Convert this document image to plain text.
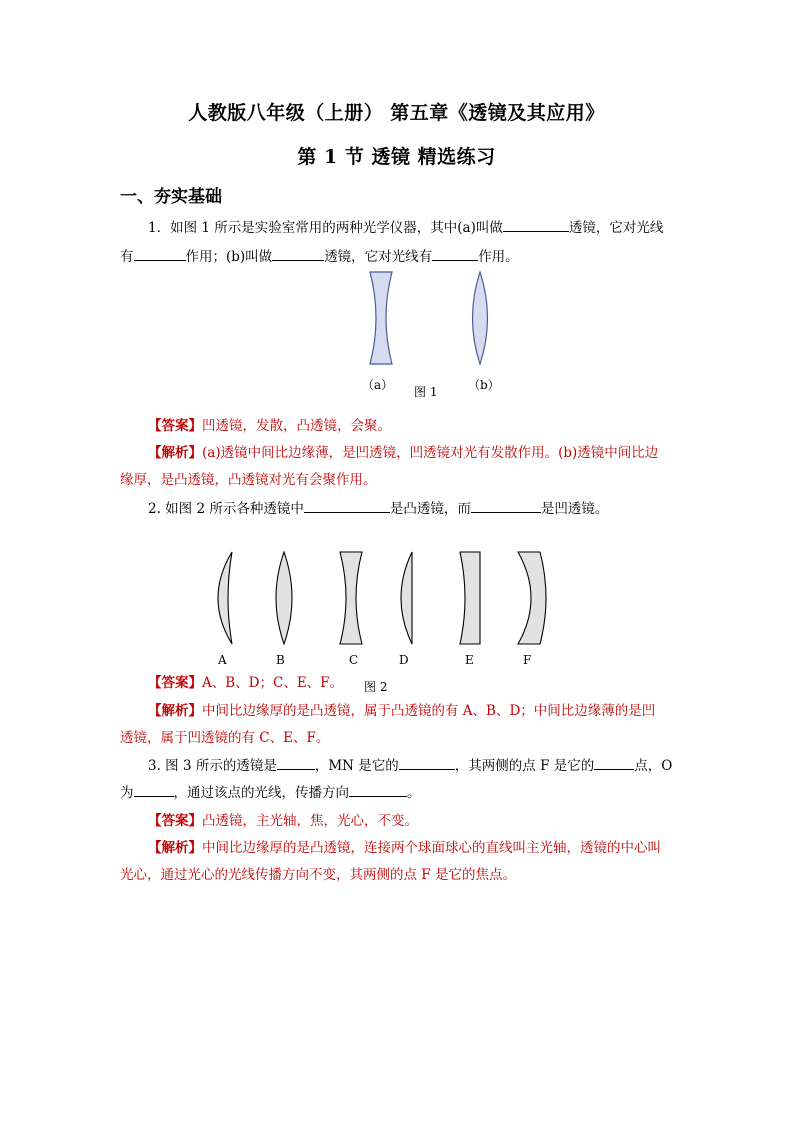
人教版八年级（上册） 第五章《透镜及其应用》
第 1 节 透镜 精选练习
一、夯实基础
1．如图 1 所示是实验室常用的两种光学仪器，其中(a)叫做	透镜，它对光线
有	作用；(b)叫做	透镜，它对光线有	作用。
（a） 图 1	（b）
【答案】凹透镜，发散，凸透镜，会聚。
【解析】(a)透镜中间比边缘薄，是凹透镜，凹透镜对光有发散作用。(b)透镜中间比边
缘厚，是凸透镜，凸透镜对光有会聚作用。
2. 如图 2 所示各种透镜中	是凸透镜，而	是凹透镜。
A	B	C	D	E	F
图 2
【答案】A、B、D；C、E、F。
【解析】中间比边缘厚的是凸透镜，属于凸透镜的有 A、B、D；中间比边缘薄的是凹
透镜，属于凹透镜的有 C、E、F。
3. 图 3 所示的透镜是	，MN 是它的	，其两侧的点 F 是它的	点，O
为	，通过该点的光线，传播方向	。
【答案】凸透镜，主光轴，焦，光心，不变。
【解析】中间比边缘厚的是凸透镜，连接两个球面球心的直线叫主光轴，透镜的中心叫
光心，通过光心的光线传播方向不变，其两侧的点 F 是它的焦点。
